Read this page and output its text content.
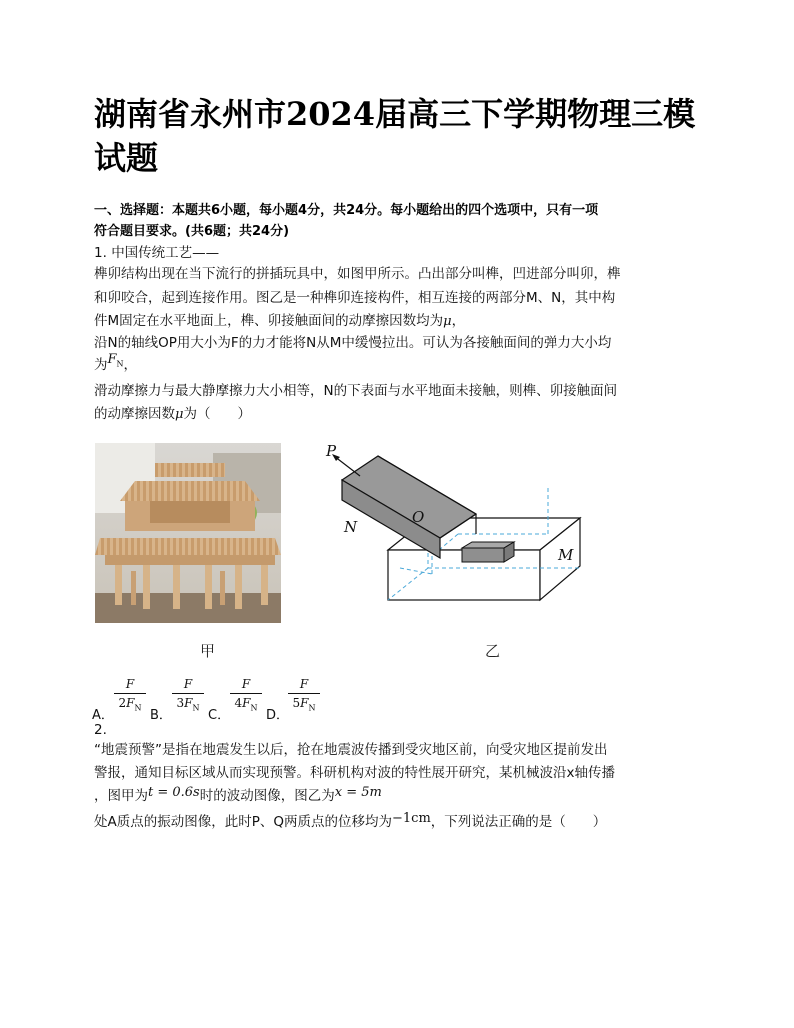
湖南省永州市2024届高三下学期物理三模试题
一、选择题：本题共6小题，每小题4分，共24分。每小题给出的四个选项中，只有一项
符合题目要求。(共6题；共24分)
1. 中国传统工艺——
榫卯结构出现在当下流行的拼插玩具中，如图甲所示。凸出部分叫榫，凹进部分叫卯，榫
和卯咬合，起到连接作用。图乙是一种榫卯连接构件，相互连接的两部分M、N，其中构
件M固定在水平地面上，榫、卯接触面间的动摩擦因数均为μ，
沿N的轴线OP用大小为F的力才能将N从M中缓慢拉出。可认为各接触面间的弹力大小均
为$F_N$，
滑动摩擦力与最大静摩擦力大小相等，N的下表面与水平地面未接触，则榫、卯接触面间
的动摩擦因数μ为（　　）
甲
P
O
N
M
乙
A．
F
$2F_N$
B．
F
$3F_N$
C．
F
$4F_N$
D．
F
$5F_N$
2.
“地震预警”是指在地震发生以后，抢在地震波传播到受灾地区前，向受灾地区提前发出
警报，通知目标区域从而实现预警。科研机构对波的特性展开研究，某机械波沿x轴传播
，图甲为t = 0.6s时的波动图像，图乙为x = 5m
处A质点的振动图像，此时P、Q两质点的位移均为−1cm，下列说法正确的是（　　）
